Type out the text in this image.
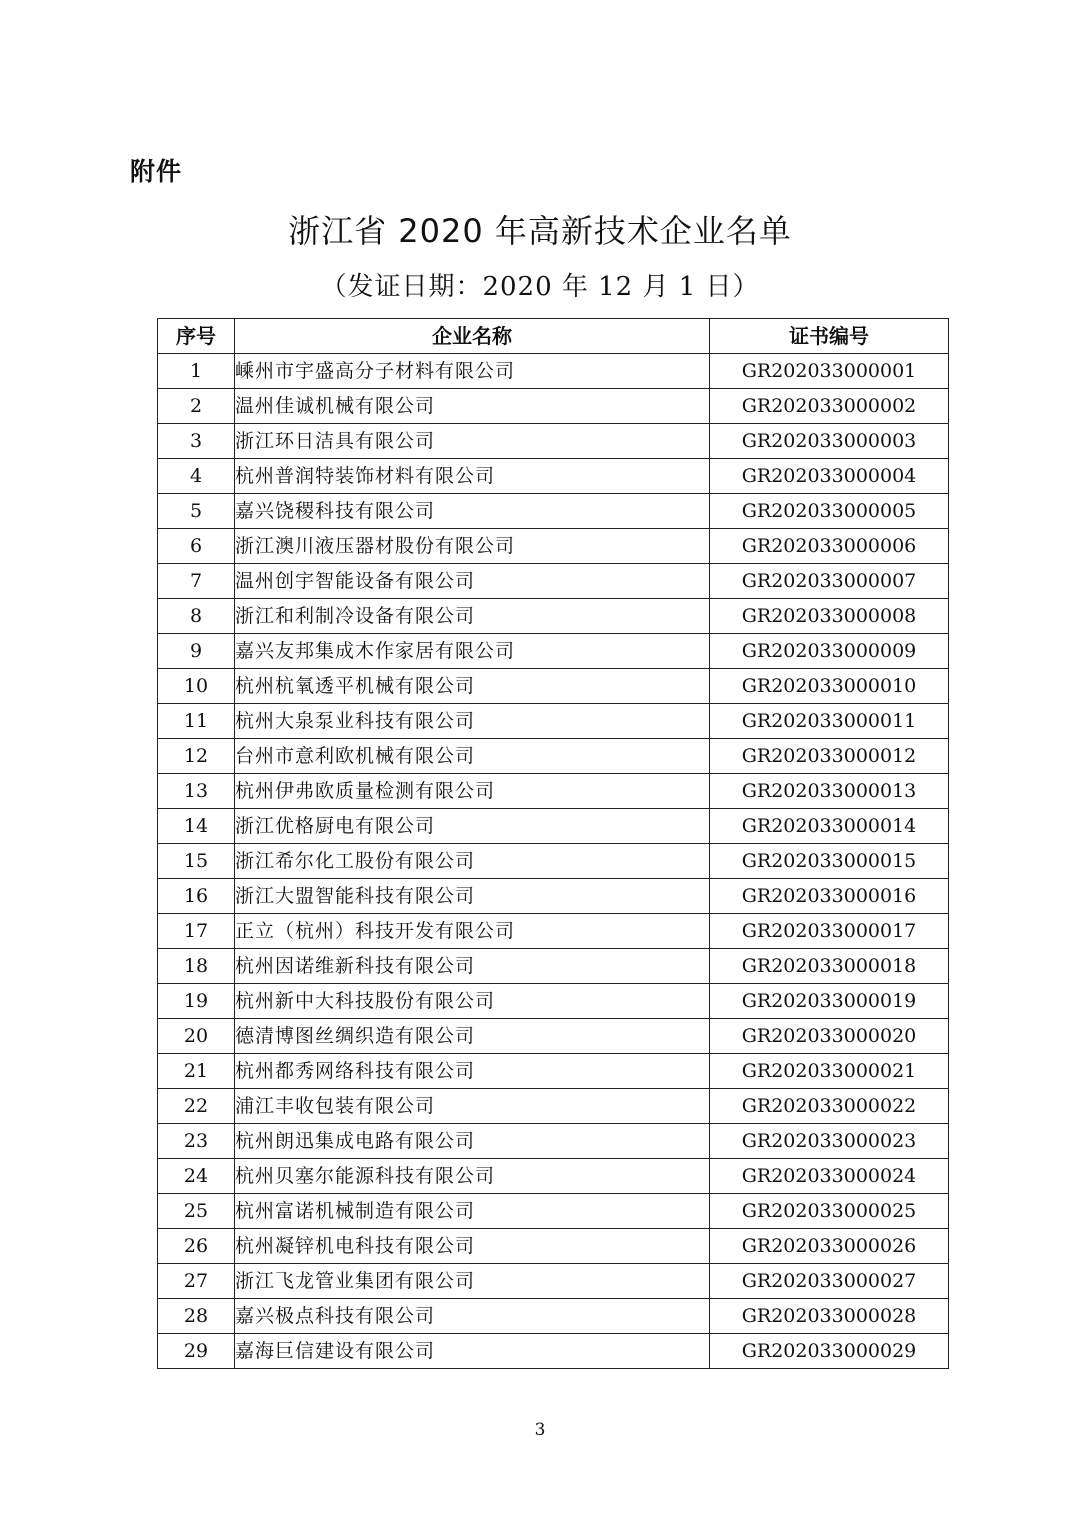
附件
浙江省 2020 年高新技术企业名单
（发证日期：2020 年 12 月 1 日）
序号	企业名称	证书编号
1	嵊州市宇盛高分子材料有限公司	GR202033000001
2	温州佳诚机械有限公司	GR202033000002
3	浙江环日洁具有限公司	GR202033000003
4	杭州普润特装饰材料有限公司	GR202033000004
5	嘉兴饶稷科技有限公司	GR202033000005
6	浙江澳川液压器材股份有限公司	GR202033000006
7	温州创宇智能设备有限公司	GR202033000007
8	浙江和利制冷设备有限公司	GR202033000008
9	嘉兴友邦集成木作家居有限公司	GR202033000009
10	杭州杭氧透平机械有限公司	GR202033000010
11	杭州大泉泵业科技有限公司	GR202033000011
12	台州市意利欧机械有限公司	GR202033000012
13	杭州伊弗欧质量检测有限公司	GR202033000013
14	浙江优格厨电有限公司	GR202033000014
15	浙江希尔化工股份有限公司	GR202033000015
16	浙江大盟智能科技有限公司	GR202033000016
17	正立（杭州）科技开发有限公司	GR202033000017
18	杭州因诺维新科技有限公司	GR202033000018
19	杭州新中大科技股份有限公司	GR202033000019
20	德清博图丝绸织造有限公司	GR202033000020
21	杭州都秀网络科技有限公司	GR202033000021
22	浦江丰收包装有限公司	GR202033000022
23	杭州朗迅集成电路有限公司	GR202033000023
24	杭州贝塞尔能源科技有限公司	GR202033000024
25	杭州富诺机械制造有限公司	GR202033000025
26	杭州凝锌机电科技有限公司	GR202033000026
27	浙江飞龙管业集团有限公司	GR202033000027
28	嘉兴极点科技有限公司	GR202033000028
29	嘉海巨信建设有限公司	GR202033000029
3
